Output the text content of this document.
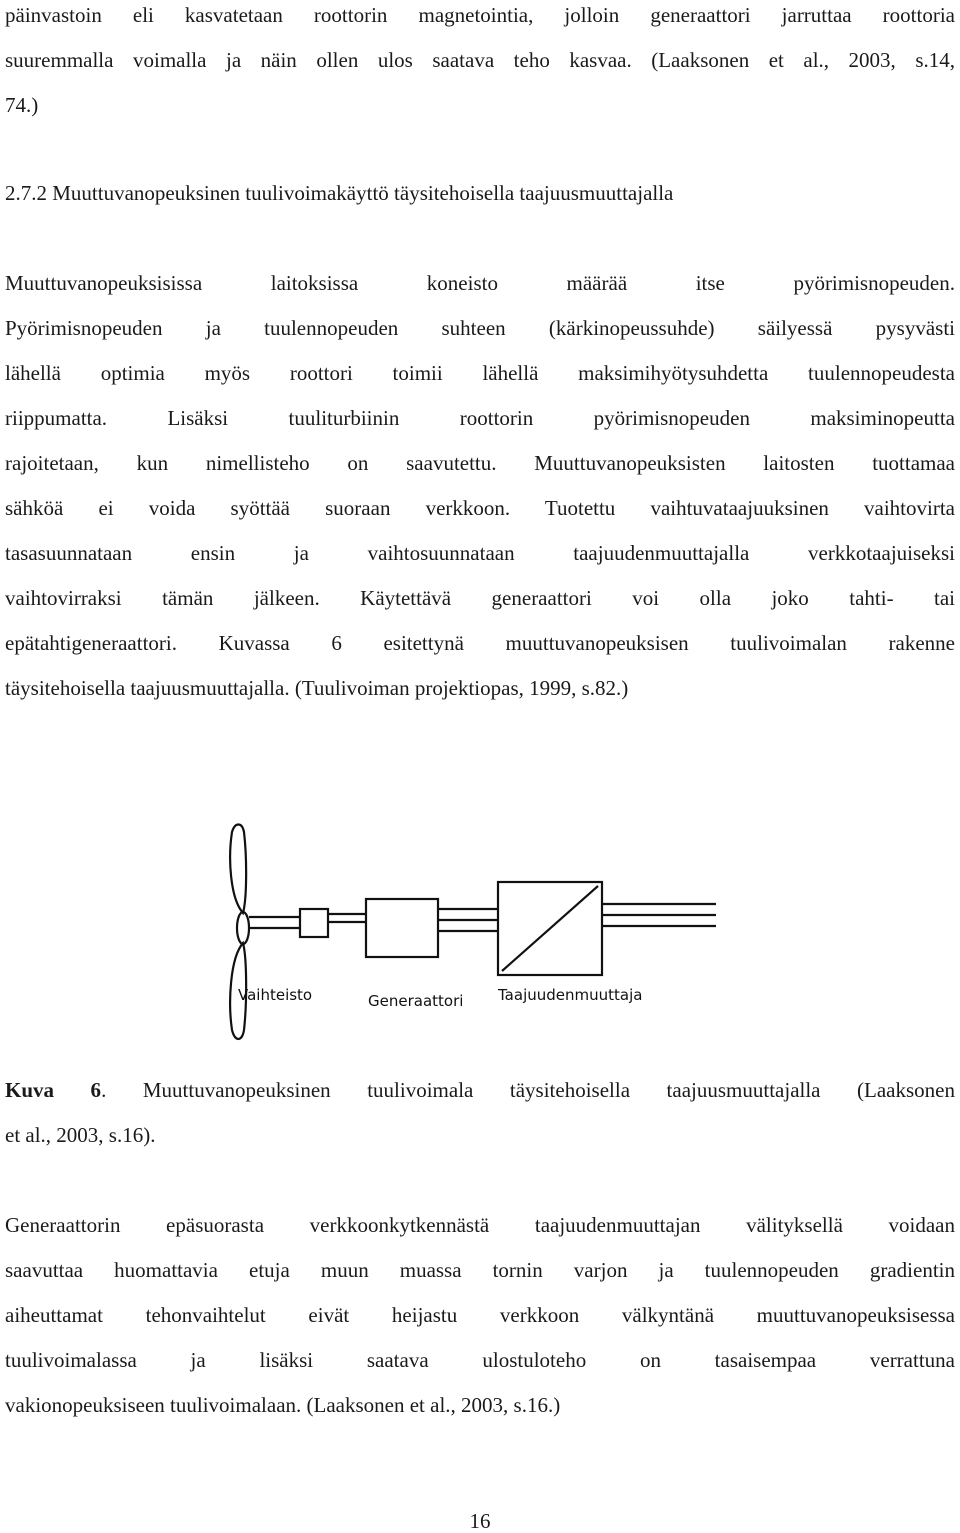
päinvastoin eli kasvatetaan roottorin magnetointia, jolloin generaattori jarruttaa roottoria
suuremmalla voimalla ja näin ollen ulos saatava teho kasvaa. (Laaksonen et al., 2003, s.14,
74.)
2.7.2 Muuttuvanopeuksinen tuulivoimakäyttö täysitehoisella taajuusmuuttajalla
Muuttuvanopeuksisissa laitoksissa koneisto määrää itse pyörimisnopeuden.
Pyörimisnopeuden ja tuulennopeuden suhteen (kärkinopeussuhde) säilyessä pysyvästi
lähellä optimia myös roottori toimii lähellä maksimihyötysuhdetta tuulennopeudesta
riippumatta. Lisäksi tuuliturbiinin roottorin pyörimisnopeuden maksiminopeutta
rajoitetaan, kun nimellisteho on saavutettu. Muuttuvanopeuksisten laitosten tuottamaa
sähköä ei voida syöttää suoraan verkkoon. Tuotettu vaihtuvataajuuksinen vaihtovirta
tasasuunnataan ensin ja vaihtosuunnataan taajuudenmuuttajalla verkkotaajuiseksi
vaihtovirraksi tämän jälkeen. Käytettävä generaattori voi olla joko tahti- tai
epätahtigeneraattori. Kuvassa 6 esitettynä muuttuvanopeuksisen tuulivoimalan rakenne
täysitehoisella taajuusmuuttajalla. (Tuulivoiman projektiopas, 1999, s.82.)
Vaihteisto	Generaattori Taajuudenmuuttaja
Kuva 6. Muuttuvanopeuksinen tuulivoimala täysitehoisella taajuusmuuttajalla (Laaksonen
et al., 2003, s.16).
Generaattorin epäsuorasta verkkoonkytkennästä taajuudenmuuttajan välityksellä voidaan
saavuttaa huomattavia etuja muun muassa tornin varjon ja tuulennopeuden gradientin
aiheuttamat tehonvaihtelut eivät heijastu verkkoon välkyntänä muuttuvanopeuksisessa
tuulivoimalassa ja lisäksi saatava ulostuloteho on tasaisempaa verrattuna
vakionopeuksiseen tuulivoimalaan. (Laaksonen et al., 2003, s.16.)
16
